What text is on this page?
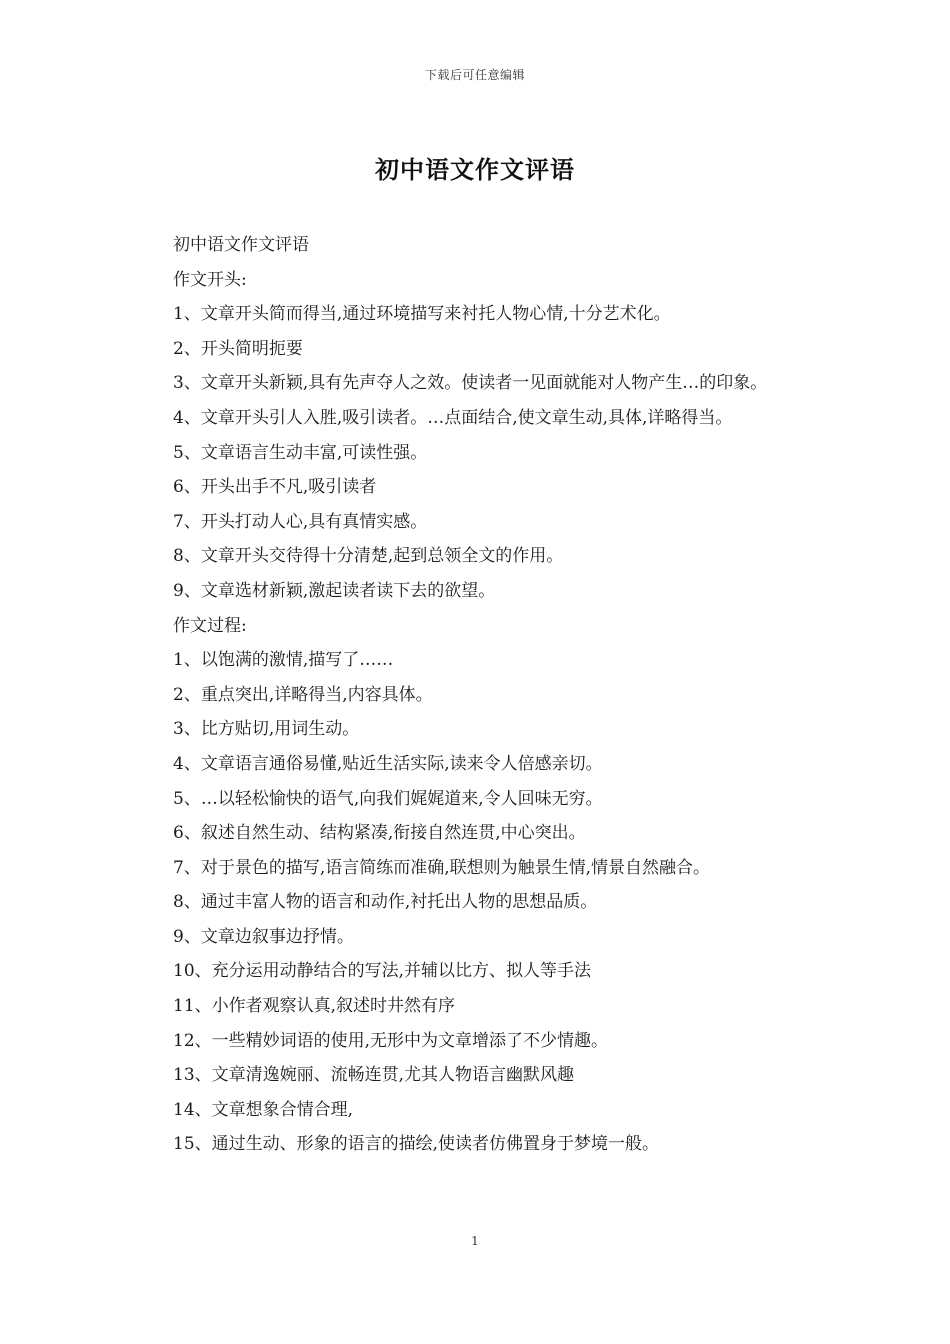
下载后可任意编辑
初中语文作文评语

初中语文作文评语

作文开头:

1、文章开头简而得当,通过环境描写来衬托人物心情,十分艺术化。

2、开头简明扼要

3、文章开头新颖,具有先声夺人之效。使读者一见面就能对人物产生…的印象。

4、文章开头引人入胜,吸引读者。…点面结合,使文章生动,具体,详略得当。

5、文章语言生动丰富,可读性强。

6、开头出手不凡,吸引读者

7、开头打动人心,具有真情实感。

8、文章开头交待得十分清楚,起到总领全文的作用。

9、文章选材新颖,激起读者读下去的欲望。

作文过程:

1、以饱满的激情,描写了……

2、重点突出,详略得当,内容具体。

3、比方贴切,用词生动。

4、文章语言通俗易懂,贴近生活实际,读来令人倍感亲切。

5、…以轻松愉快的语气,向我们娓娓道来,令人回味无穷。

6、叙述自然生动、结构紧凑,衔接自然连贯,中心突出。

7、对于景色的描写,语言简练而准确,联想则为触景生情,情景自然融合。

8、通过丰富人物的语言和动作,衬托出人物的思想品质。

9、文章边叙事边抒情。

10、充分运用动静结合的写法,并辅以比方、拟人等手法

11、小作者观察认真,叙述时井然有序

12、一些精妙词语的使用,无形中为文章增添了不少情趣。

13、文章清逸婉丽、流畅连贯,尤其人物语言幽默风趣

14、文章想象合情合理,

15、通过生动、形象的语言的描绘,使读者仿佛置身于梦境一般。

1
